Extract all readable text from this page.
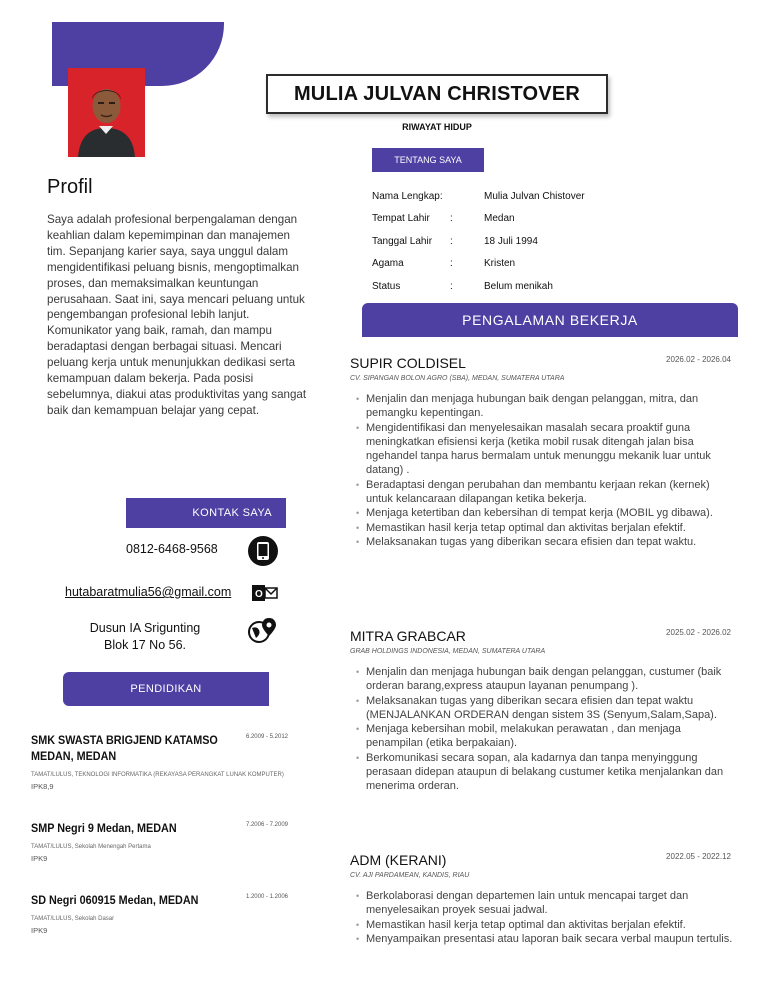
MULIA JULVAN CHRISTOVER
RIWAYAT HIDUP
Profil
Saya adalah profesional berpengalaman dengan keahlian dalam kepemimpinan dan manajemen tim. Sepanjang karier saya, saya unggul dalam mengidentifikasi peluang bisnis, mengoptimalkan proses, dan memaksimalkan keuntungan perusahaan. Saat ini, saya mencari peluang untuk pengembangan profesional lebih lanjut. Komunikator yang baik, ramah, dan mampu beradaptasi dengan berbagai situasi. Mencari peluang kerja untuk menunjukkan dedikasi serta kemampuan dalam bekerja. Pada posisi sebelumnya, diakui atas produktivitas yang sangat baik dan kemampuan belajar yang cepat.
KONTAK SAYA
0812-6468-9568
hutabaratmulia56@gmail.com O
Dusun IA Srigunting
Blok 17 No 56.
PENDIDIKAN
SMK SWASTA BRIGJEND KATAMSO
MEDAN, MEDAN
6.2009 - 5.2012
TAMAT/LULUS, TEKNOLOGI INFORMATIKA (REKAYASA PERANGKAT LUNAK KOMPUTER)
IPK8,9
SMP Negri 9 Medan, MEDAN	7.2006 - 7.2009
TAMAT/LULUS, Sekolah Menengah Pertama
IPK9
SD Negri 060915 Medan, MEDAN	1.2000 - 1.2006
TAMAT/LULUS, Sekolah Dasar
IPK9
TENTANG SAYA
Nama Lengkap:	Mulia Julvan Chistover
Tempat Lahir	:	Medan
Tanggal Lahir	:	18 Juli 1994
Agama	:	Kristen
Status	:	Belum menikah
PENGALAMAN BEKERJA
SUPIR COLDISEL	2026.02 - 2026.04
CV. SIPANGAN BOLON AGRO (SBA), MEDAN, SUMATERA UTARA
• Menjalin dan menjaga hubungan baik dengan pelanggan, mitra, dan pemangku kepentingan.
• Mengidentifikasi dan menyelesaikan masalah secara proaktif guna meningkatkan efisiensi kerja (ketika mobil rusak ditengah jalan bisa ngehandel tanpa harus bermalam untuk menunggu mekanik luar untuk datang) .
• Beradaptasi dengan perubahan dan membantu kerjaan rekan (kernek) untuk kelancaraan dilapangan ketika bekerja.
• Menjaga ketertiban dan kebersihan di tempat kerja (MOBIL yg dibawa).
• Memastikan hasil kerja tetap optimal dan aktivitas berjalan efektif.
• Melaksanakan tugas yang diberikan secara efisien dan tepat waktu.
MITRA GRABCAR	2025.02 - 2026.02
GRAB HOLDINGS INDONESIA, MEDAN, SUMATERA UTARA
• Menjalin dan menjaga hubungan baik dengan pelanggan, custumer (baik orderan barang,express ataupun layanan penumpang ).
• Melaksanakan tugas yang diberikan secara efisien dan tepat waktu (MENJALANKAN ORDERAN dengan sistem 3S (Senyum,Salam,Sapa).
• Menjaga kebersihan mobil, melakukan perawatan , dan menjaga penampilan (etika berpakaian).
• Berkomunikasi secara sopan, ala kadarnya dan tanpa menyinggung perasaan didepan ataupun di belakang custumer ketika menjalankan dan menerima orderan.
ADM (KERANI)	2022.05 - 2022.12
CV. AJI PARDAMEAN, KANDIS, RIAU
• Berkolaborasi dengan departemen lain untuk mencapai target dan menyelesaikan proyek sesuai jadwal.
• Memastikan hasil kerja tetap optimal dan aktivitas berjalan efektif.
• Menyampaikan presentasi atau laporan baik secara verbal maupun tertulis.
